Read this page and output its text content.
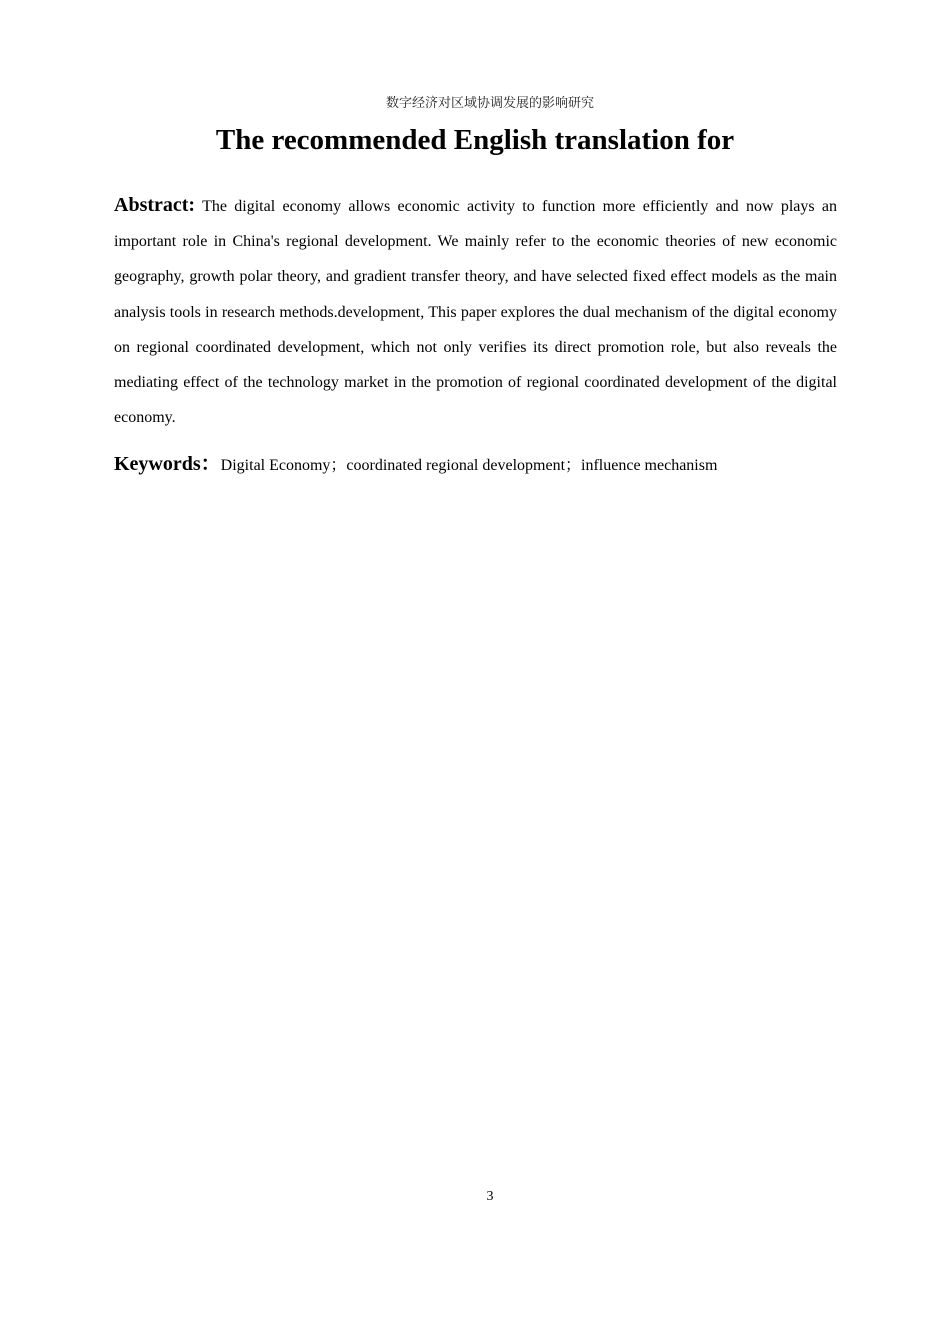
数字经济对区域协调发展的影响研究
The recommended English translation for

Abstract: The digital economy allows economic activity to function more efficiently and now plays an important role in China's regional development. We mainly refer to the economic theories of new economic geography, growth polar theory, and gradient transfer theory, and have selected fixed effect models as the main analysis tools in research methods.development, This paper explores the dual mechanism of the digital economy on regional coordinated development, which not only verifies its direct promotion role, but also reveals the mediating effect of the technology market in the promotion of regional coordinated development of the digital economy.

Keywords：Digital Economy；coordinated regional development；influence mechanism

3
